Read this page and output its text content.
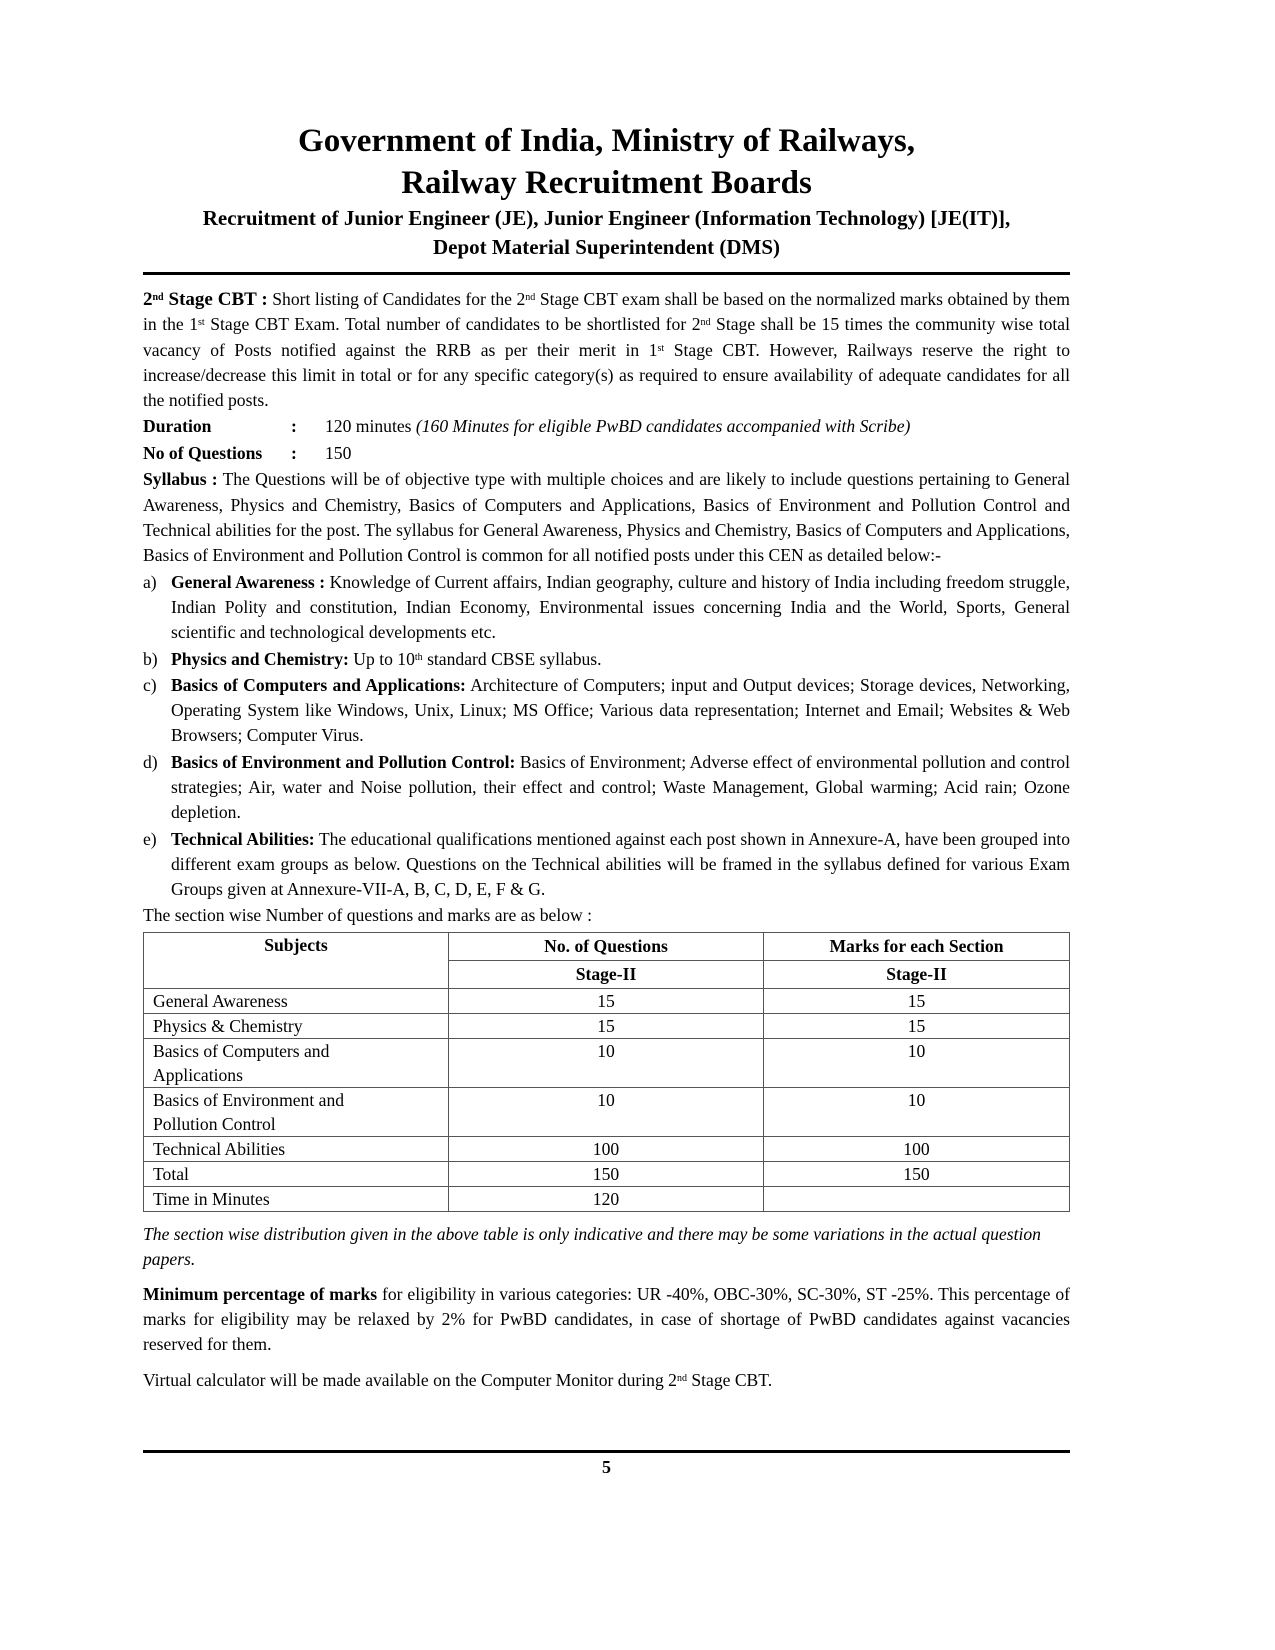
Government of India, Ministry of Railways,

Railway Recruitment Boards

Recruitment of Junior Engineer (JE), Junior Engineer (Information Technology) [JE(IT)],

Depot Material Superintendent (DMS)

2nd Stage CBT : Short listing of Candidates for the 2nd Stage CBT exam shall be based on the normalized marks obtained by them in the 1st Stage CBT Exam. Total number of candidates to be shortlisted for 2nd Stage shall be 15 times the community wise total vacancy of Posts notified against the RRB as per their merit in 1st Stage CBT. However, Railways reserve the right to increase/decrease this limit in total or for any specific category(s) as required to ensure availability of adequate candidates for all the notified posts.

Duration	:	120 minutes (160 Minutes for eligible PwBD candidates accompanied with Scribe)
No of Questions	:	150

Syllabus : The Questions will be of objective type with multiple choices and are likely to include questions pertaining to General Awareness, Physics and Chemistry, Basics of Computers and Applications, Basics of Environment and Pollution Control and Technical abilities for the post. The syllabus for General Awareness, Physics and Chemistry, Basics of Computers and Applications, Basics of Environment and Pollution Control is common for all notified posts under this CEN as detailed below:-

a) General Awareness : Knowledge of Current affairs, Indian geography, culture and history of India including freedom struggle, Indian Polity and constitution, Indian Economy, Environmental issues concerning India and the World, Sports, General scientific and technological developments etc.
b) Physics and Chemistry: Up to 10th standard CBSE syllabus.
c) Basics of Computers and Applications: Architecture of Computers; input and Output devices; Storage devices, Networking, Operating System like Windows, Unix, Linux; MS Office; Various data representation; Internet and Email; Websites & Web Browsers; Computer Virus.
d) Basics of Environment and Pollution Control: Basics of Environment; Adverse effect of environmental pollution and control strategies; Air, water and Noise pollution, their effect and control; Waste Management, Global warming; Acid rain; Ozone depletion.
e) Technical Abilities: The educational qualifications mentioned against each post shown in Annexure-A, have been grouped into different exam groups as below. Questions on the Technical abilities will be framed in the syllabus defined for various Exam Groups given at Annexure-VII-A, B, C, D, E, F & G.

The section wise Number of questions and marks are as below :

Subjects	No. of Questions	Marks for each Section
	Stage-II	Stage-II
General Awareness	15	15
Physics & Chemistry	15	15
Basics of Computers and Applications	10	10
Basics of Environment and Pollution Control	10	10
Technical Abilities	100	100
Total	150	150
Time in Minutes	120	

The section wise distribution given in the above table is only indicative and there may be some variations in the actual question papers.

Minimum percentage of marks for eligibility in various categories: UR -40%, OBC-30%, SC-30%, ST -25%. This percentage of marks for eligibility may be relaxed by 2% for PwBD candidates, in case of shortage of PwBD candidates against vacancies reserved for them.

Virtual calculator will be made available on the Computer Monitor during 2nd Stage CBT.

5
